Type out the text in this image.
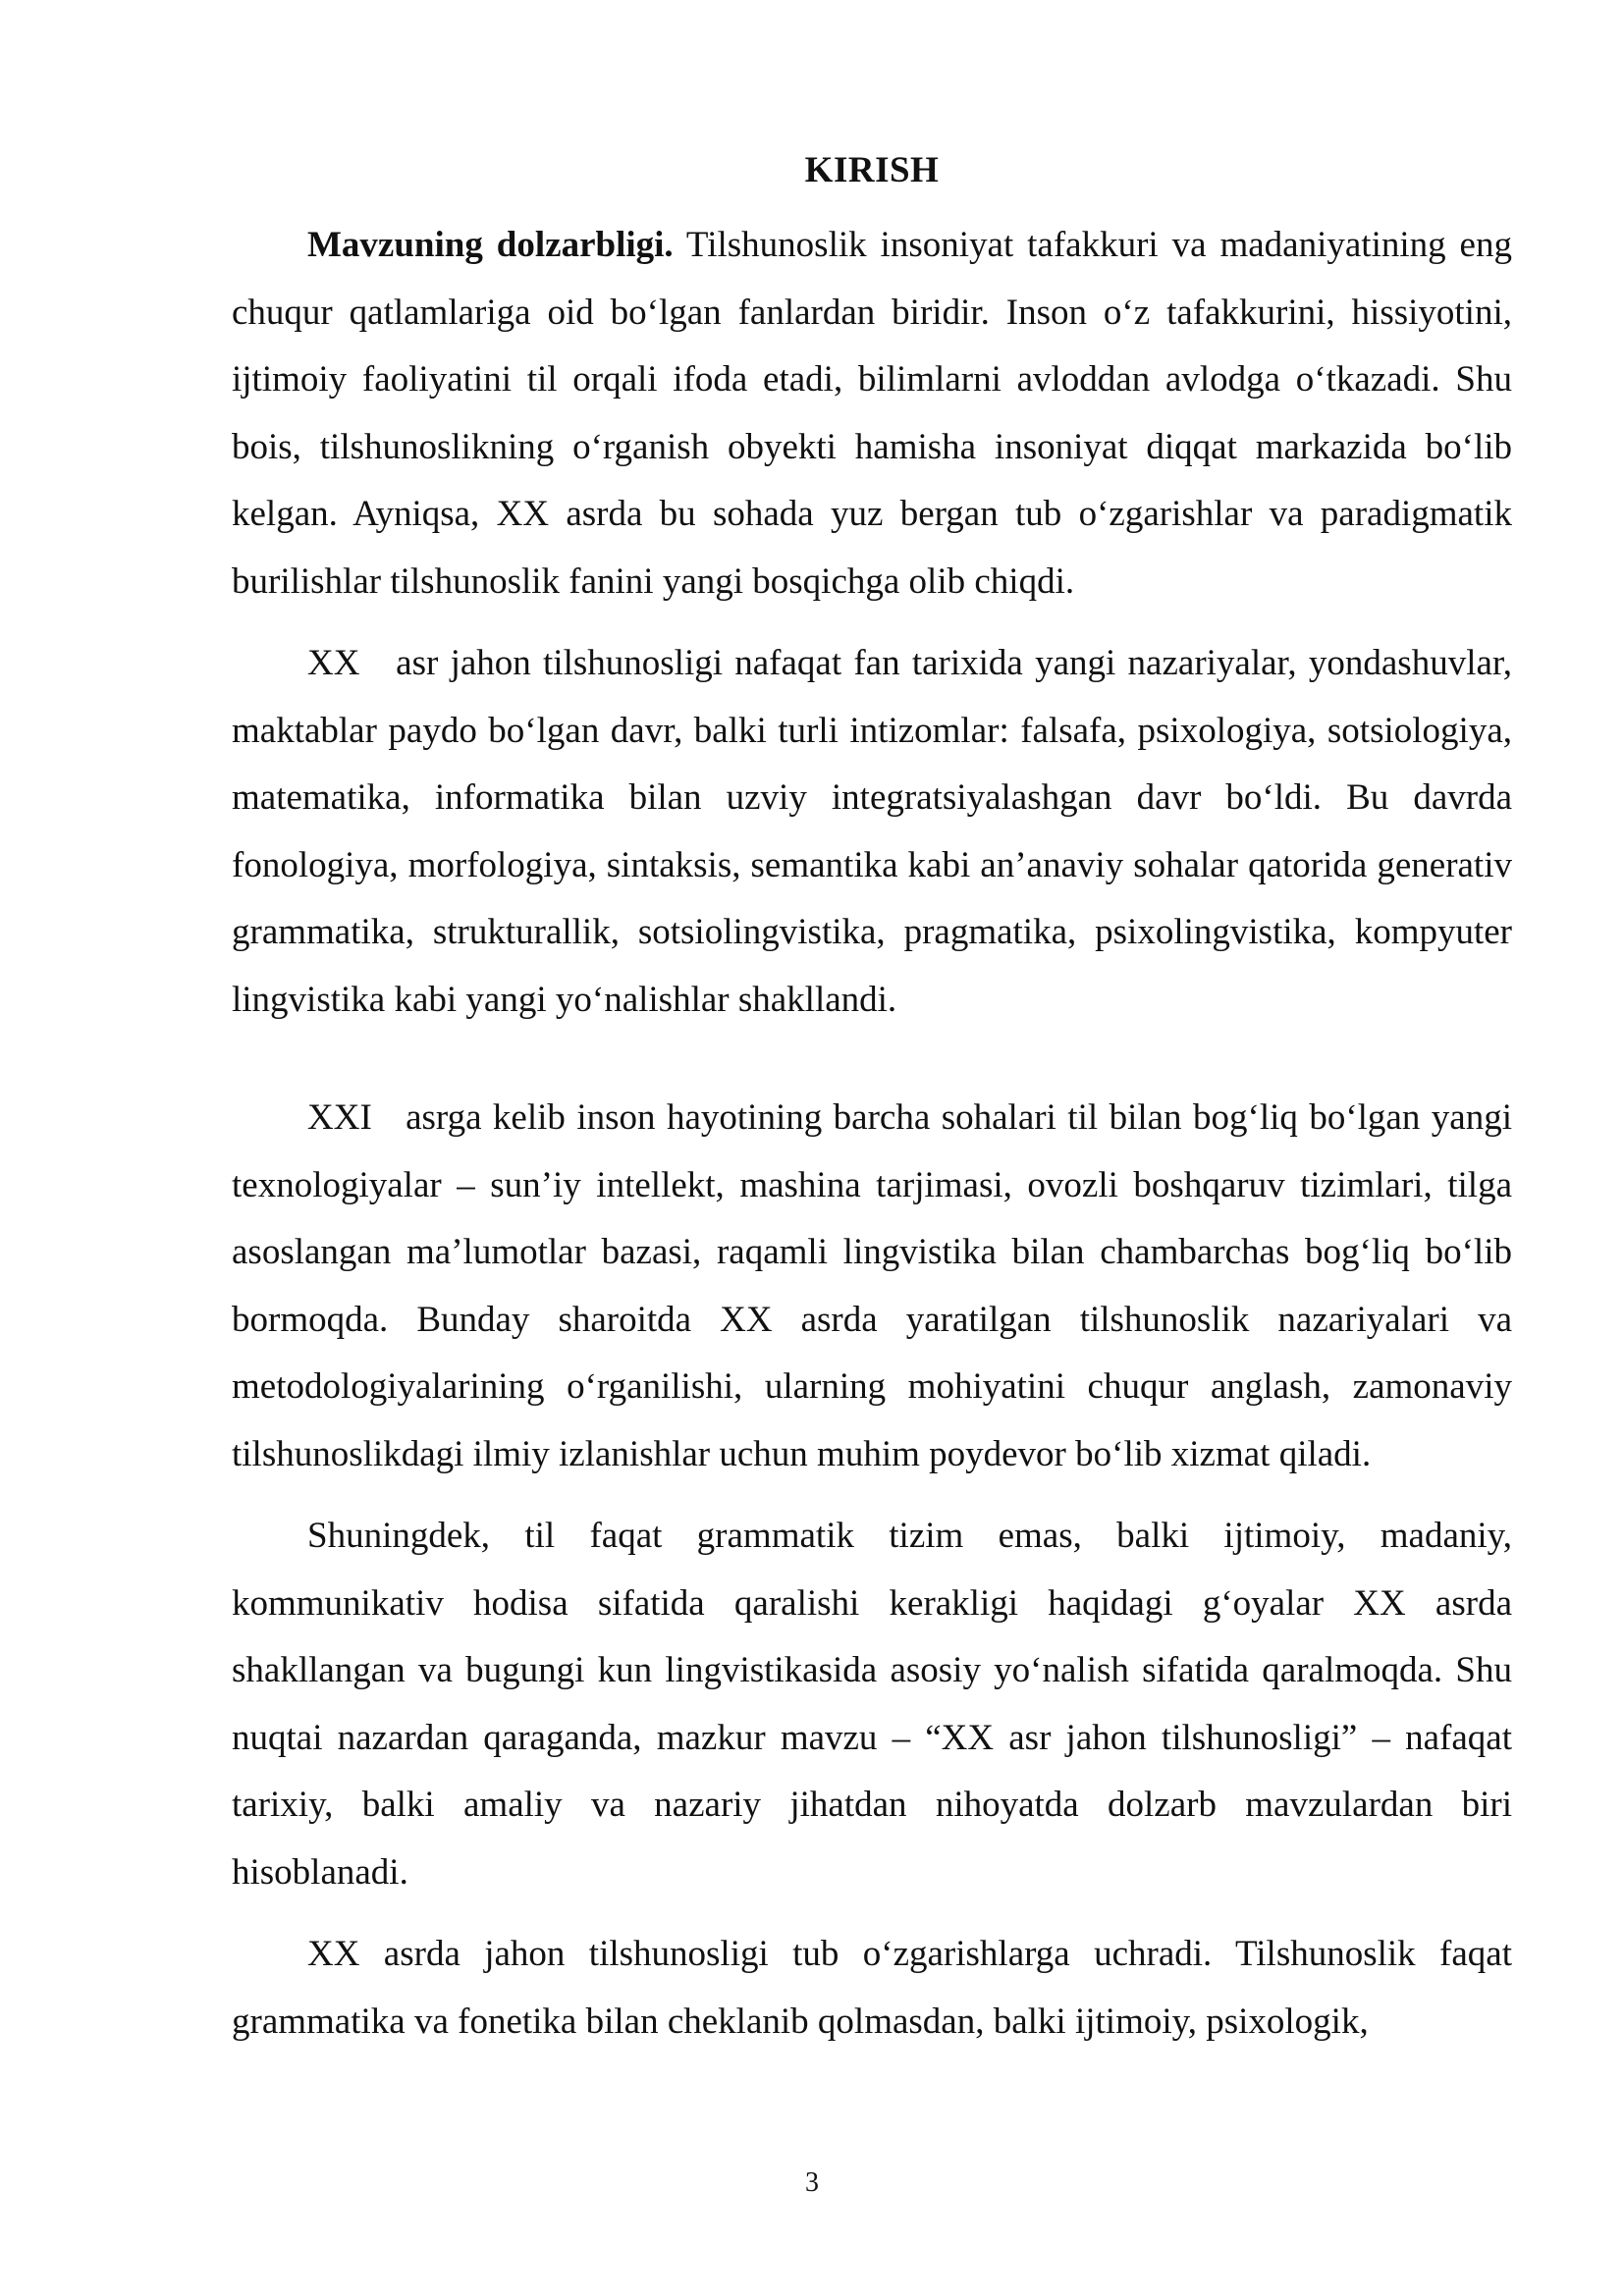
KIRISH

Mavzuning dolzarbligi. Tilshunoslik insoniyat tafakkuri va madaniyatining eng chuqur qatlamlariga oid bo‘lgan fanlardan biridir. Inson o‘z tafakkurini, hissiyotini, ijtimoiy faoliyatini til orqali ifoda etadi, bilimlarni avloddan avlodga o‘tkazadi. Shu bois, tilshunoslikning o‘rganish obyekti hamisha insoniyat diqqat markazida bo‘lib kelgan. Ayniqsa, XX asrda bu sohada yuz bergan tub o‘zgarishlar va paradigmatik burilishlar tilshunoslik fanini yangi bosqichga olib chiqdi.

XX   asr jahon tilshunosligi nafaqat fan tarixida yangi nazariyalar, yondashuvlar, maktablar paydo bo‘lgan davr, balki turli intizomlar: falsafa, psixologiya, sotsiologiya, matematika, informatika bilan uzviy integratsiyalashgan davr bo‘ldi. Bu davrda fonologiya, morfologiya, sintaksis, semantika kabi an’anaviy sohalar qatorida generativ grammatika, strukturallik, sotsiolingvistika, pragmatika, psixolingvistika, kompyuter lingvistika kabi yangi yo‘nalishlar shakllandi.

XXI   asrga kelib inson hayotining barcha sohalari til bilan bog‘liq bo‘lgan yangi texnologiyalar – sun’iy intellekt, mashina tarjimasi, ovozli boshqaruv tizimlari, tilga asoslangan ma’lumotlar bazasi, raqamli lingvistika bilan chambarchas bog‘liq bo‘lib bormoqda. Bunday sharoitda XX asrda yaratilgan tilshunoslik nazariyalari va metodologiyalarining o‘rganilishi, ularning mohiyatini chuqur anglash, zamonaviy tilshunoslikdagi ilmiy izlanishlar uchun muhim poydevor bo‘lib xizmat qiladi.

Shuningdek, til faqat grammatik tizim emas, balki ijtimoiy, madaniy, kommunikativ hodisa sifatida qaralishi kerakligi haqidagi g‘oyalar XX asrda shakllangan va bugungi kun lingvistikasida asosiy yo‘nalish sifatida qaralmoqda. Shu nuqtai nazardan qaraganda, mazkur mavzu – “XX asr jahon tilshunosligi” – nafaqat tarixiy, balki amaliy va nazariy jihatdan nihoyatda dolzarb mavzulardan biri hisoblanadi.

XX asrda jahon tilshunosligi tub o‘zgarishlarga uchradi. Tilshunoslik faqat grammatika va fonetika bilan cheklanib qolmasdan, balki ijtimoiy, psixologik,

3
